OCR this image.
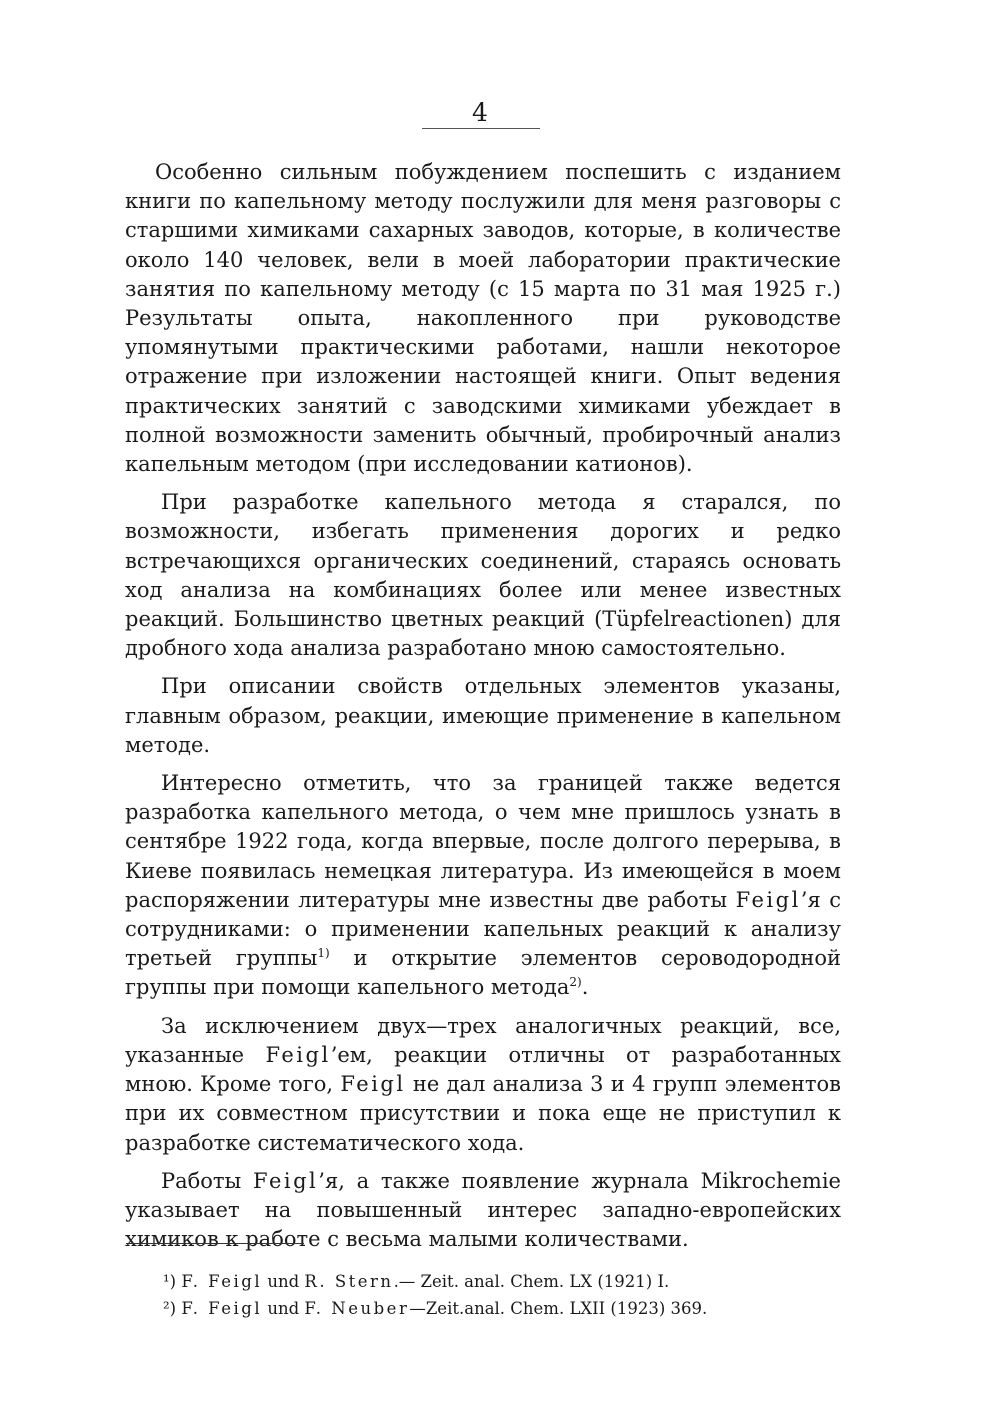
4

Особенно сильным побуждением поспешить с изданием книги по капельному методу послужили для меня разговоры с старшими химиками сахарных заводов, которые, в количестве около 140 человек, вели в моей лаборатории практические занятия по капельному методу (с 15 марта по 31 мая 1925 г.) Результаты опыта, накопленного при руководстве упомянутыми практическими работами, нашли некоторое отражение при изложении настоящей книги. Опыт ведения практических занятий с заводскими химиками убеждает в полной возможности заменить обычный, пробирочный анализ капельным методом (при исследовании катионов).

При разработке капельного метода я старался, по возможности, избегать применения дорогих и редко встречающихся органических соединений, стараясь основать ход анализа на комбинациях более или менее известных реакций. Большинство цветных реакций (Tüpfelreactionen) для дробного хода анализа разработано мною самостоятельно.

При описании свойств отдельных элементов указаны, главным образом, реакции, имеющие применение в капельном методе.

Интересно отметить, что за границей также ведется разработка капельного метода, о чем мне пришлось узнать в сентябре 1922 года, когда впервые, после долгого перерыва, в Киеве появилась немецкая литература. Из имеющейся в моем распоряжении литературы мне известны две работы Feigl’я с сотрудниками: о применении капельных реакций к анализу третьей группы$^{1)}$ и открытие элементов сероводородной группы при помощи капельного метода$^{2)}$.

За исключением двух—трех аналогичных реакций, все, указанные Feigl’ем, реакции отличны от разработанных мною. Кроме того, Feigl не дал анализа 3 и 4 групп элементов при их совместном присутствии и пока еще не приступил к разработке систематического хода.

Работы Feigl’я, а также появление журнала Mikrochemie указывает на повышенный интерес западно-европейских химиков к работе с весьма малыми количествами.

¹) F. Feigl und R. Stern.— Zeit. anal. Chem. LX (1921) I.

²) F. Feigl und F. Neuber—Zeit.anal. Chem. LXII (1923) 369.
